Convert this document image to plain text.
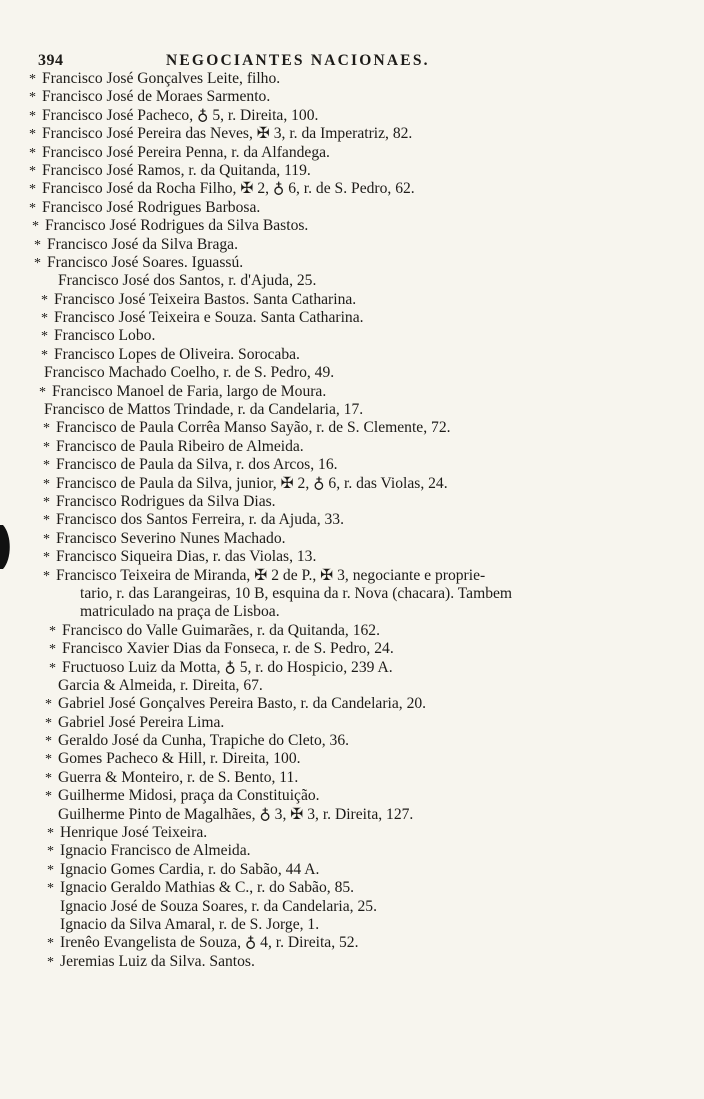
394	NEGOCIANTES NACIONAES.
* Francisco José Gonçalves Leite, filho.
* Francisco José de Moraes Sarmento.
* Francisco José Pacheco, ♁ 5, r. Direita, 100.
* Francisco José Pereira das Neves, ✠ 3, r. da Imperatriz, 82.
* Francisco José Pereira Penna, r. da Alfandega.
* Francisco José Ramos, r. da Quitanda, 119.
* Francisco José da Rocha Filho, ✠ 2, ♁ 6, r. de S. Pedro, 62.
* Francisco José Rodrigues Barbosa.
* Francisco José Rodrigues da Silva Bastos.
* Francisco José da Silva Braga.
* Francisco José Soares. Iguassú.
Francisco José dos Santos, r. d'Ajuda, 25.
* Francisco José Teixeira Bastos. Santa Catharina.
* Francisco José Teixeira e Souza. Santa Catharina.
* Francisco Lobo.
* Francisco Lopes de Oliveira. Sorocaba.
Francisco Machado Coelho, r. de S. Pedro, 49.
* Francisco Manoel de Faria, largo de Moura.
Francisco de Mattos Trindade, r. da Candelaria, 17.
* Francisco de Paula Corrêa Manso Sayão, r. de S. Clemente, 72.
* Francisco de Paula Ribeiro de Almeida.
* Francisco de Paula da Silva, r. dos Arcos, 16.
* Francisco de Paula da Silva, junior, ✠ 2, ♁ 6, r. das Violas, 24.
* Francisco Rodrigues da Silva Dias.
* Francisco dos Santos Ferreira, r. da Ajuda, 33.
* Francisco Severino Nunes Machado.
* Francisco Siqueira Dias, r. das Violas, 13.
* Francisco Teixeira de Miranda, ✠ 2 de P., ✠ 3, negociante e proprie-
tario, r. das Larangeiras, 10 B, esquina da r. Nova (chacara). Tambem
matriculado na praça de Lisboa.
* Francisco do Valle Guimarães, r. da Quitanda, 162.
* Francisco Xavier Dias da Fonseca, r. de S. Pedro, 24.
* Fructuoso Luiz da Motta, ♁ 5, r. do Hospicio, 239 A.
Garcia & Almeida, r. Direita, 67.
* Gabriel José Gonçalves Pereira Basto, r. da Candelaria, 20.
* Gabriel José Pereira Lima.
* Geraldo José da Cunha, Trapiche do Cleto, 36.
* Gomes Pacheco & Hill, r. Direita, 100.
* Guerra & Monteiro, r. de S. Bento, 11.
* Guilherme Midosi, praça da Constituição.
Guilherme Pinto de Magalhães, ♁ 3, ✠ 3, r. Direita, 127.
* Henrique José Teixeira.
* Ignacio Francisco de Almeida.
* Ignacio Gomes Cardia, r. do Sabão, 44 A.
* Ignacio Geraldo Mathias & C., r. do Sabão, 85.
Ignacio José de Souza Soares, r. da Candelaria, 25.
Ignacio da Silva Amaral, r. de S. Jorge, 1.
* Irenêo Evangelista de Souza, ♁ 4, r. Direita, 52.
* Jeremias Luiz da Silva. Santos.
